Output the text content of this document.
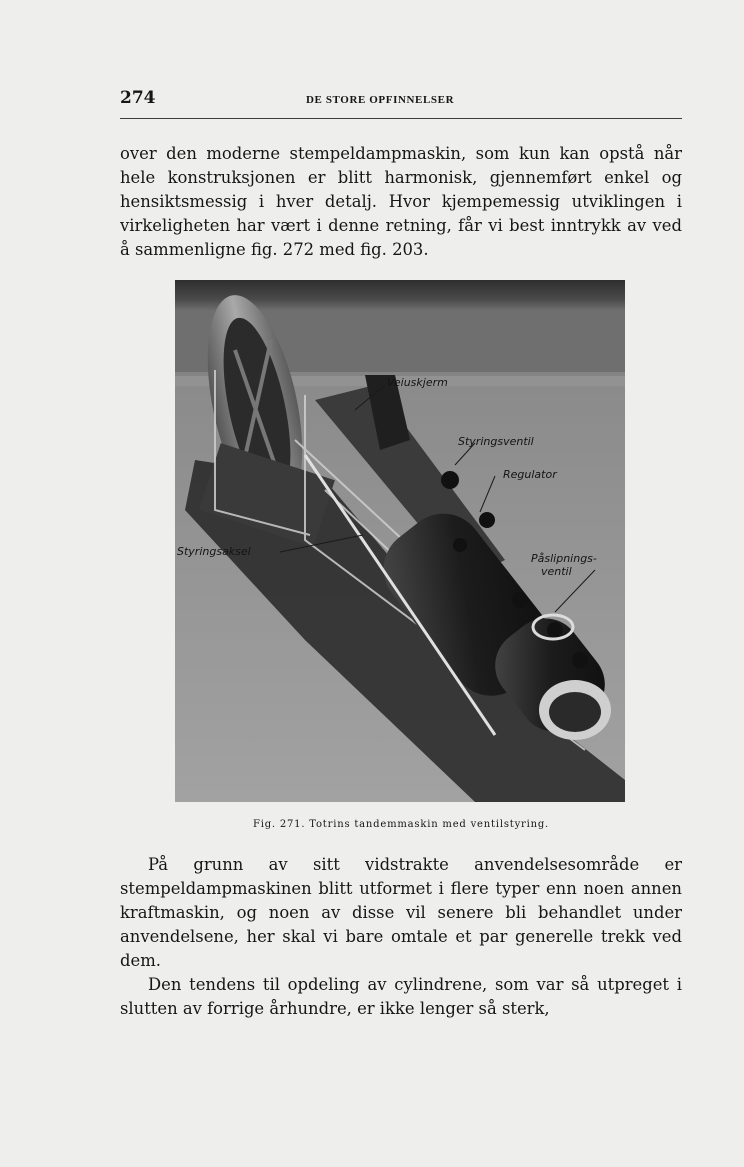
274	DE STORE OPFINNELSER

over den moderne stempeldampmaskin, som kun kan opstå når hele konstruksjonen er blitt harmonisk, gjennemført enkel og hensiktsmessig i hver detalj. Hvor kjempemessig utviklingen i virkeligheten har vært i denne retning, får vi best inntrykk av ved å sammenligne fig. 272 med fig. 203.

Veiuskjerm
Styringsventil
Regulator
Styringsaksel
Påslipnings-
ventil
Fig. 271. Totrins tandemmaskin med ventilstyring.

På grunn av sitt vidstrakte anvendelsesområde er stempeldampmaskinen blitt utformet i flere typer enn noen annen kraftmaskin, og noen av disse vil senere bli behandlet under anvendelsene, her skal vi bare omtale et par generelle trekk ved dem.

Den tendens til opdeling av cylindrene, som var så utpreget i slutten av forrige århundre, er ikke lenger så sterk,
